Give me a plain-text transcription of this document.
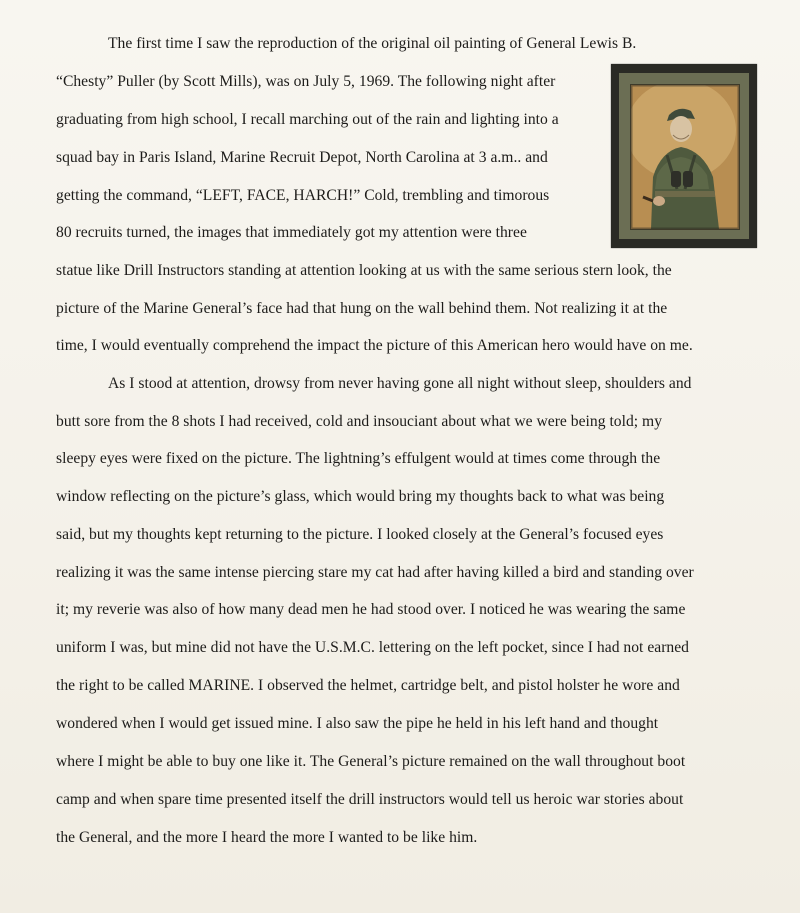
The first time I saw the reproduction of the original oil painting of General Lewis B.
“Chesty” Puller (by Scott Mills), was on July 5, 1969. The following night after
graduating from high school, I recall marching out of the rain and lighting into a
squad bay in Paris Island, Marine Recruit Depot, North Carolina at 3 a.m.. and
getting the command, “LEFT, FACE, HARCH!” Cold, trembling and timorous
80 recruits turned, the images that immediately got my attention were three
statue like Drill Instructors standing at attention looking at us with the same serious stern look, the
picture of the Marine General’s face had that hung on the wall behind them. Not realizing it at the
time, I would eventually comprehend the impact the picture of this American hero would have on me.
As I stood at attention, drowsy from never having gone all night without sleep, shoulders and
butt sore from the 8 shots I had received, cold and insouciant about what we were being told; my
sleepy eyes were fixed on the picture. The lightning’s effulgent would at times come through the
window reflecting on the picture’s glass, which would bring my thoughts back to what was being
said, but my thoughts kept returning to the picture. I looked closely at the General’s focused eyes
realizing it was the same intense piercing stare my cat had after having killed a bird and standing over
it; my reverie was also of how many dead men he had stood over. I noticed he was wearing the same
uniform I was, but mine did not have the U.S.M.C. lettering on the left pocket, since I had not earned
the right to be called MARINE. I observed the helmet, cartridge belt, and pistol holster he wore and
wondered when I would get issued mine. I also saw the pipe he held in his left hand and thought
where I might be able to buy one like it. The General’s picture remained on the wall throughout boot
camp and when spare time presented itself the drill instructors would tell us heroic war stories about
the General, and the more I heard the more I wanted to be like him.
